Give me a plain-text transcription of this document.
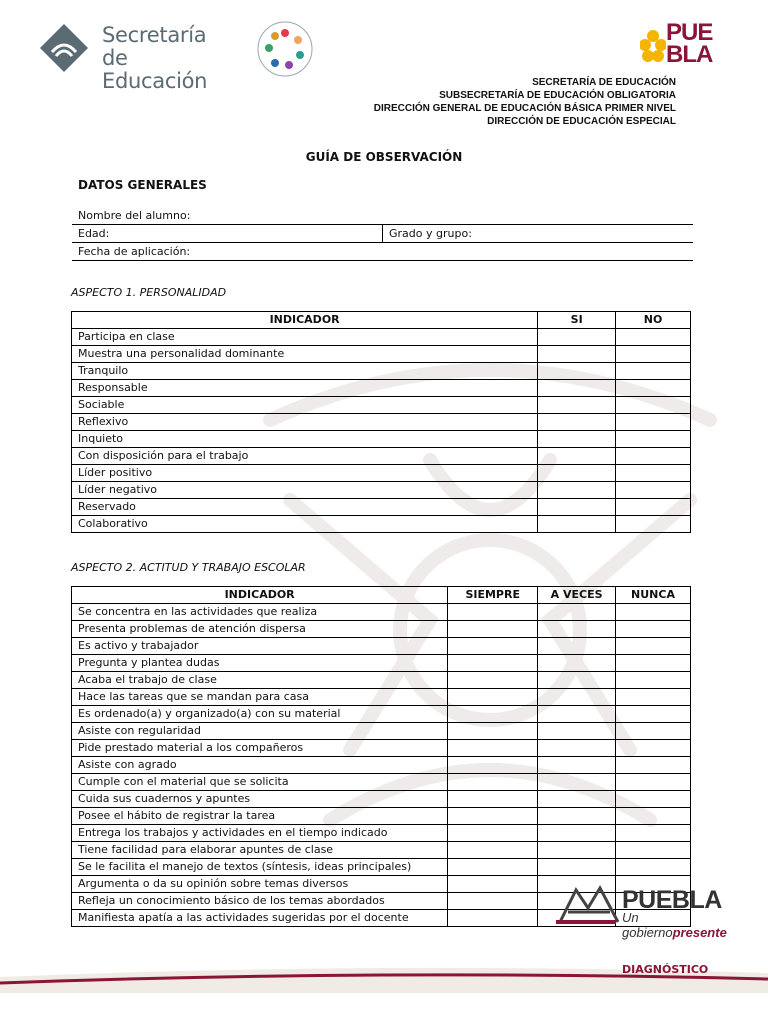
Secretaría
de Educación
PUE
BLA
SECRETARÍA DE EDUCACIÓN
SUBSECRETARÍA DE EDUCACIÓN OBLIGATORIA
DIRECCIÓN GENERAL DE EDUCACIÓN BÁSICA PRIMER NIVEL
DIRECCIÓN DE EDUCACIÓN ESPECIAL
GUÍA DE OBSERVACIÓN
DATOS GENERALES
Nombre del alumno:
Edad:	Grado y grupo:
Fecha de aplicación:
ASPECTO 1. PERSONALIDAD
INDICADOR	SI	NO
Participa en clase		
Muestra una personalidad dominante		
Tranquilo		
Responsable		
Sociable		
Reflexivo		
Inquieto		
Con disposición para el trabajo		
Líder positivo		
Líder negativo		
Reservado		
Colaborativo		
ASPECTO 2. ACTITUD Y TRABAJO ESCOLAR
INDICADOR	SIEMPRE	A VECES	NUNCA
Se concentra en las actividades que realiza			
Presenta problemas de atención dispersa			
Es activo y trabajador			
Pregunta y plantea dudas			
Acaba el trabajo de clase			
Hace las tareas que se mandan para casa			
Es ordenado(a) y organizado(a) con su material			
Asiste con regularidad			
Pide prestado material a los compañeros			
Asiste con agrado			
Cumple con el material que se solicita			
Cuida sus cuadernos y apuntes			
Posee el hábito de registrar la tarea			
Entrega los trabajos y actividades en el tiempo indicado			
Tiene facilidad para elaborar apuntes de clase			
Se le facilita el manejo de textos (síntesis, ideas principales)			
Argumenta o da su opinión sobre temas diversos			
Refleja un conocimiento básico de los temas abordados			
Manifiesta apatía a las actividades sugeridas por el docente			
PUEBLA
Un gobiernopresente
DIAGNÓSTICO
